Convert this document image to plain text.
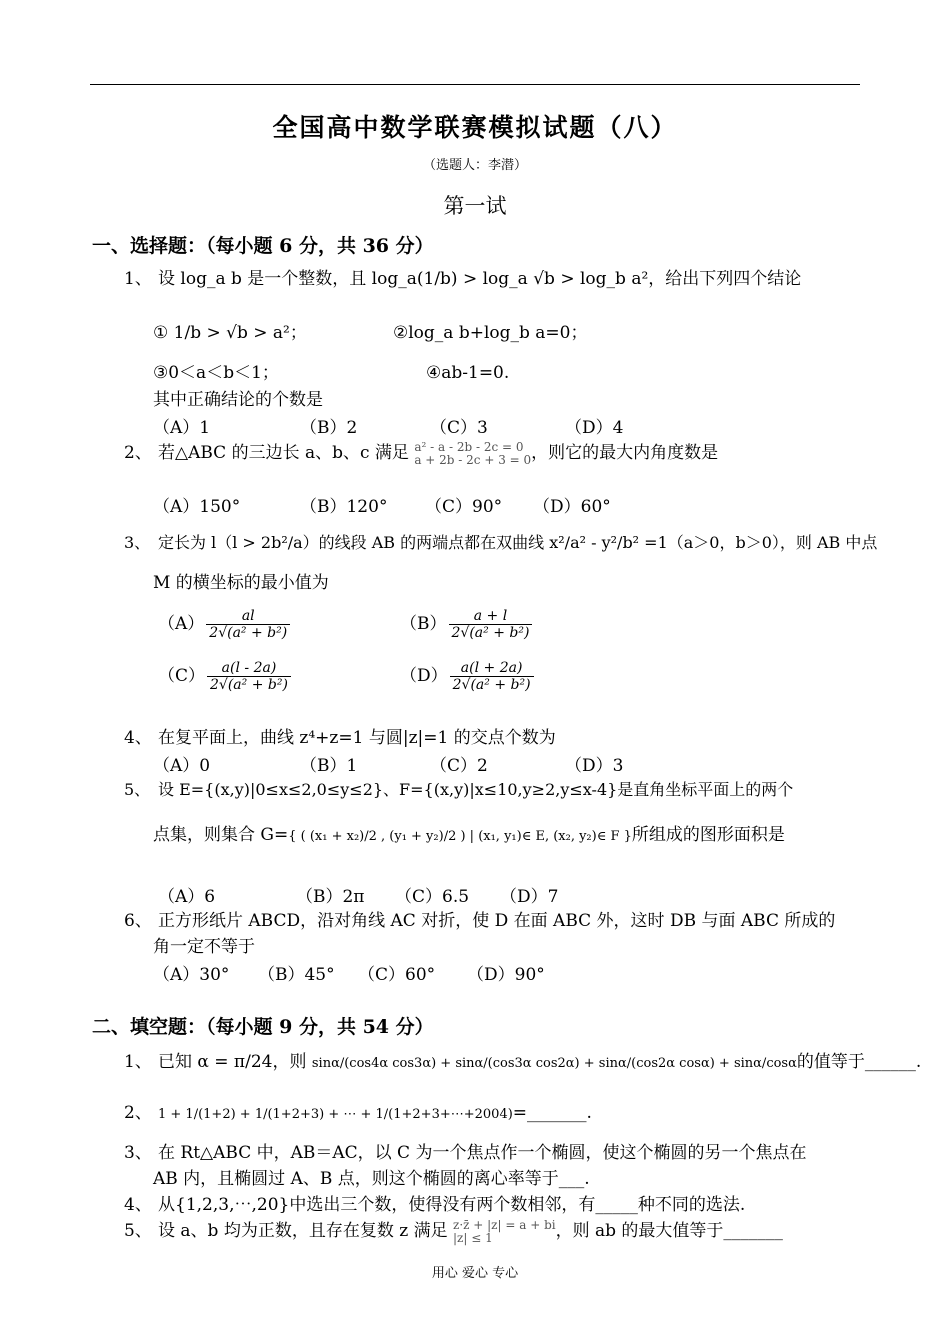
全国高中数学联赛模拟试题（八）
（选题人：李潜）
第一试
一、选择题：（每小题 6 分，共 36 分）
1、 设 log_a b 是一个整数，且 log_a(1/b) > log_a √b > log_b a²，给出下列四个结论
① 1/b > √b > a²；	②log_a b+log_b a=0；
③0＜a＜b＜1；	④ab-1=0.
其中正确结论的个数是
（A）1	（B）2	（C）3	（D）4
2、 若△ABC 的三边长 a、b、c 满足 a² - a - 2b - 2c = 0
a + 2b - 2c + 3 = 0 ，则它的最大内角度数是
（A）150°	（B）120° （C）90° （D）60°
3、 定长为 l（l > 2b²/a）的线段 AB 的两端点都在双曲线 x²/a² - y²/b² =1（a＞0，b＞0），则 AB 中点
M 的横坐标的最小值为
$(A) \frac{al}{\text{2√(a² + b²)}}$	$(B) \frac{a + l}{\text{2√(a² + b²)}}$
$(C) \frac{a(l - 2a)}{\text{2√(a² + b²)}}$	$(D) \frac{a(l + 2a)}{\text{2√(a² + b²)}}$
4、 在复平面上，曲线 z⁴+z=1 与圆|z|=1 的交点个数为
（A）0	（B）1	（C）2	（D）3
5、 设 E={(x,y)|0≤x≤2,0≤y≤2}、F={(x,y)|x≤10,y≥2,y≤x-4}是直角坐标平面上的两个
点集，则集合 G={ ( (x₁ + x₂)/2 , (y₁ + y₂)/2 ) | (x₁, y₁)∈ E, (x₂, y₂)∈ F }所组成的图形面积是
（A）6	（B）2π （C）6.5 （D）7
6、 正方形纸片 ABCD，沿对角线 AC 对折，使 D 在面 ABC 外，这时 DB 与面 ABC 所成的
角一定不等于
（A）30° （B）45° （C）60° （D）90°
二、填空题：（每小题 9 分，共 54 分）
1、 已知 α = π/24，则 sinα/(cos4α cos3α) + sinα/(cos3α cos2α) + sinα/(cos2α cosα) + sinα/cosα的值等于______.
2、 1 + 1/(1+2) + 1/(1+2+3) + ⋯ + 1/(1+2+3+⋯+2004)=_______.
3、 在 Rt△ABC 中，AB＝AC，以 C 为一个焦点作一个椭圆，使这个椭圆的另一个焦点在
AB 内，且椭圆过 A、B 点，则这个椭圆的离心率等于___.
4、 从{1,2,3,⋯,20}中选出三个数，使得没有两个数相邻，有_____种不同的选法.
5、 设 a、b 均为正数，且存在复数 z 满足 z·z̄ + |z| = a + bi
|z| ≤ 1	，则 ab 的最大值等于_______
用心 爱心 专心
